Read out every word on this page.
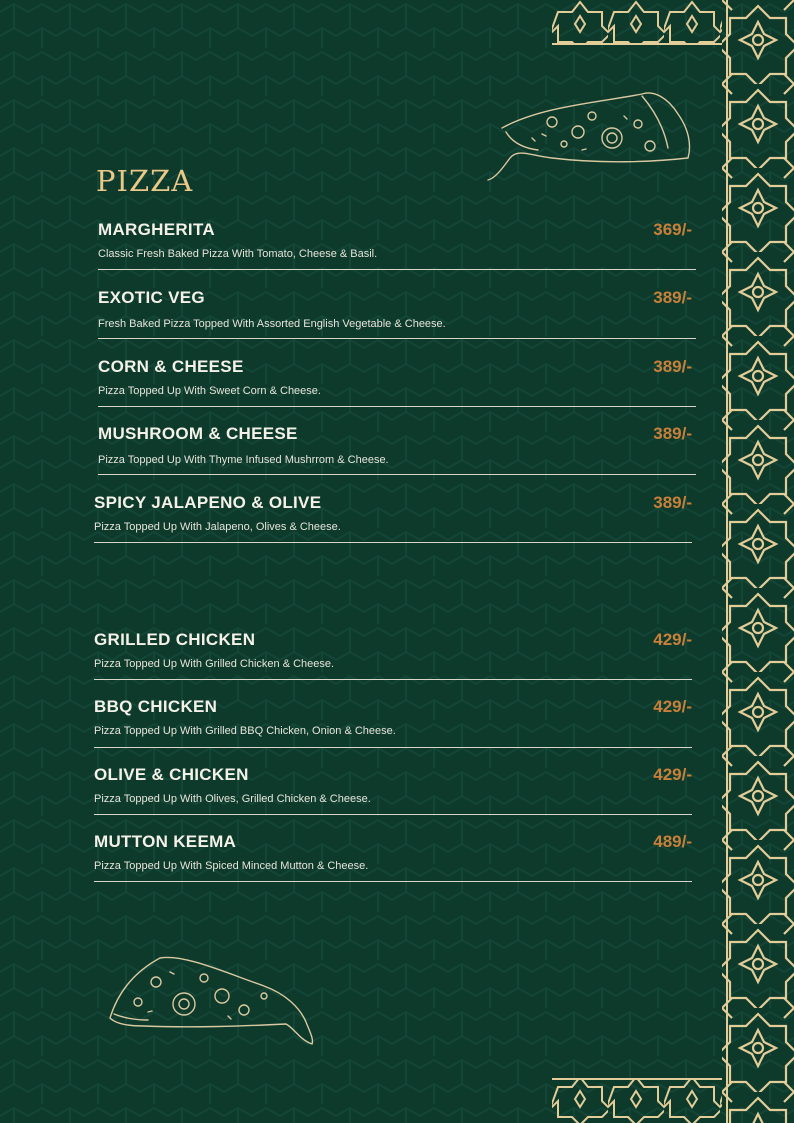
PIZZA
MARGHERITA	369/-
Classic Fresh Baked Pizza With Tomato, Cheese & Basil.
EXOTIC VEG	389/-
Fresh Baked Pizza Topped With Assorted English Vegetable & Cheese.
CORN & CHEESE	389/-
Pizza Topped Up With Sweet Corn & Cheese.
MUSHROOM & CHEESE	389/-
Pizza Topped Up With Thyme Infused Mushrrom & Cheese.
SPICY JALAPENO & OLIVE	389/-
Pizza Topped Up With Jalapeno, Olives & Cheese.
GRILLED CHICKEN	429/-
Pizza Topped Up With Grilled Chicken & Cheese.
BBQ CHICKEN	429/-
Pizza Topped Up With Grilled BBQ Chicken, Onion & Cheese.
OLIVE & CHICKEN	429/-
Pizza Topped Up With Olives, Grilled Chicken & Cheese.
MUTTON KEEMA	489/-
Pizza Topped Up With Spiced Minced Mutton & Cheese.
